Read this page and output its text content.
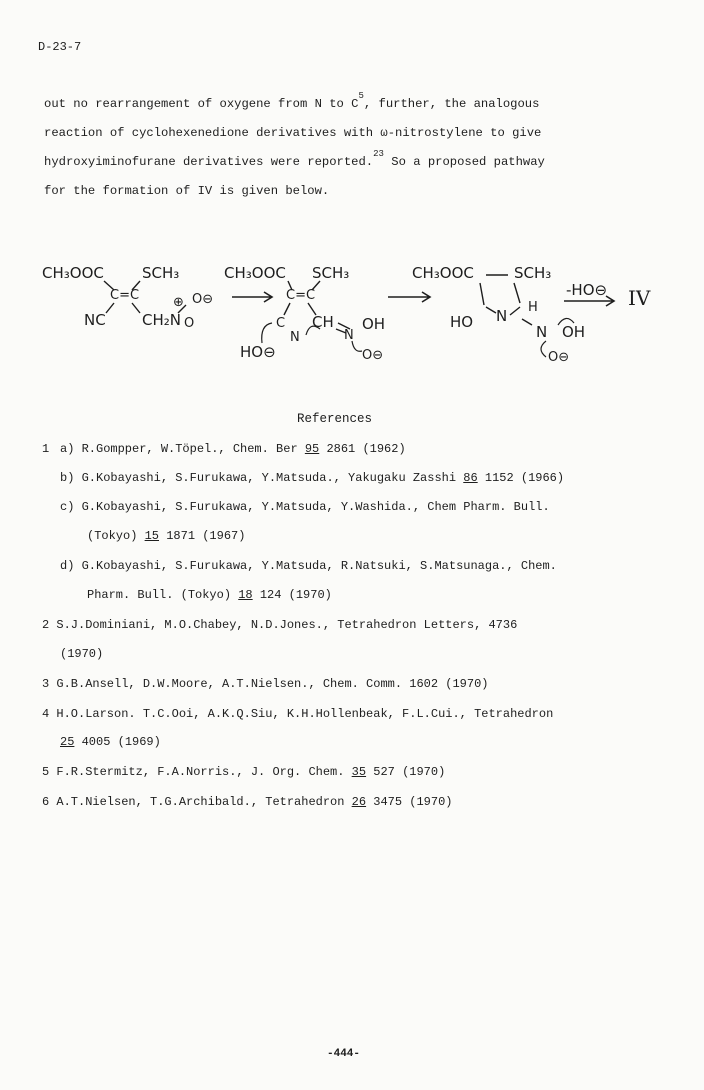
D-23-7
out no rearrangement of oxygene from N to $C^5$, further, the analogous
reaction of cyclohexenedione derivatives with ω-nitrostylene to give
hydroxyiminofurane derivatives were reported.$^{23}$ So a proposed pathway
for the formation of IV is given below.
CH₃OOC	SCH₃
C=C
NC CH₂N O
O⊖
⊕
CH₃OOC SCH₃
C=C
C
N
CH
N
OH
HO⊖	O⊖
CH₃OOC	SCH₃
HO N H
N OH
O⊖
-HO⊖ IV
References
1 a) R.Gompper, W.Töpel., Chem. Ber 95 2861 (1962)
b) G.Kobayashi, S.Furukawa, Y.Matsuda., Yakugaku Zasshi 86 1152 (1966)
c) G.Kobayashi, S.Furukawa, Y.Matsuda, Y.Washida., Chem Pharm. Bull.
(Tokyo) 15 1871 (1967)
d) G.Kobayashi, S.Furukawa, Y.Matsuda, R.Natsuki, S.Matsunaga., Chem.
Pharm. Bull. (Tokyo) 18 124 (1970)
2 S.J.Dominiani, M.O.Chabey, N.D.Jones., Tetrahedron Letters, 4736
(1970)
3 G.B.Ansell, D.W.Moore, A.T.Nielsen., Chem. Comm. 1602 (1970)
4 H.O.Larson. T.C.Ooi, A.K.Q.Siu, K.H.Hollenbeak, F.L.Cui., Tetrahedron
25 4005 (1969)
5 F.R.Stermitz, F.A.Norris., J. Org. Chem. 35 527 (1970)
6 A.T.Nielsen, T.G.Archibald., Tetrahedron 26 3475 (1970)
-444-
